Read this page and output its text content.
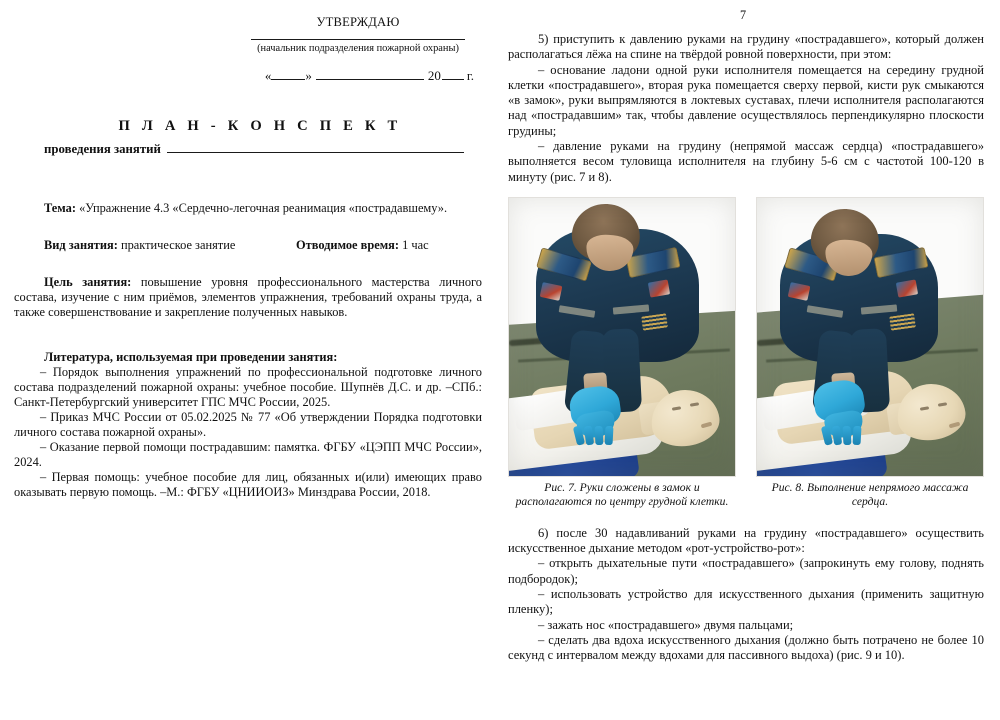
УТВЕРЖДАЮ
(начальник подразделения пожарной охраны)
«	»	20 г.
П Л А Н - К О Н С П Е К Т
проведения занятий

Тема: «Упражнение 4.3 «Сердечно-легочная реанимация «пострадавшему».

Вид занятия: практическое занятие	Отводимое время: 1 час

Цель занятия: повышение уровня профессионального мастерства личного состава, изучение с ним приёмов, элементов упражнения, требований охраны труда, а также совершенствование и закрепление полученных навыков.

Литература, используемая при проведении занятия:

– Порядок выполнения упражнений по профессиональной подготовке личного состава подразделений пожарной охраны: учебное пособие. Шупнёв Д.С. и др. –СПб.: Санкт-Петербургский университет ГПС МЧС России, 2025.

– Приказ МЧС России от 05.02.2025 № 77 «Об утверждении Порядка подготовки личного состава пожарной охраны».

– Оказание первой помощи пострадавшим: памятка. ФГБУ «ЦЭПП МЧС России», 2024.

– Первая помощь: учебное пособие для лиц, обязанных и(или) имеющих право оказывать первую помощь. –М.: ФГБУ «ЦНИИОИЗ» Минздрава России, 2018.

7

5) приступить к давлению руками на грудину «пострадавшего», который должен располагаться лёжа на спине на твёрдой ровной поверхности, при этом:

– основание ладони одной руки исполнителя помещается на середину грудной клетки «пострадавшего», вторая рука помещается сверху первой, кисти рук смыкаются «в замок», руки выпрямляются в локтевых суставах, плечи исполнителя располагаются над «пострадавшим» так, чтобы давление осуществлялось перпендикулярно плоскости грудины;

– давление руками на грудину (непрямой массаж сердца) «пострадавшего» выполняется весом туловища исполнителя на глубину 5-6 см с частотой 100-120 в минуту (рис. 7 и 8).

Рис. 7. Руки сложены в замок и располагаются по центру грудной клетки.
Рис. 8. Выполнение непрямого массажа сердца.

6) после 30 надавливаний руками на грудину «пострадавшего» осуществить искусственное дыхание методом «рот-устройство-рот»:

– открыть дыхательные пути «пострадавшего» (запрокинуть ему голову, поднять подбородок);

– использовать устройство для искусственного дыхания (применить защитную пленку);

– зажать нос «пострадавшего» двумя пальцами;

– сделать два вдоха искусственного дыхания (должно быть потрачено не более 10 секунд с интервалом между вдохами для пассивного выдоха) (рис. 9 и 10).
